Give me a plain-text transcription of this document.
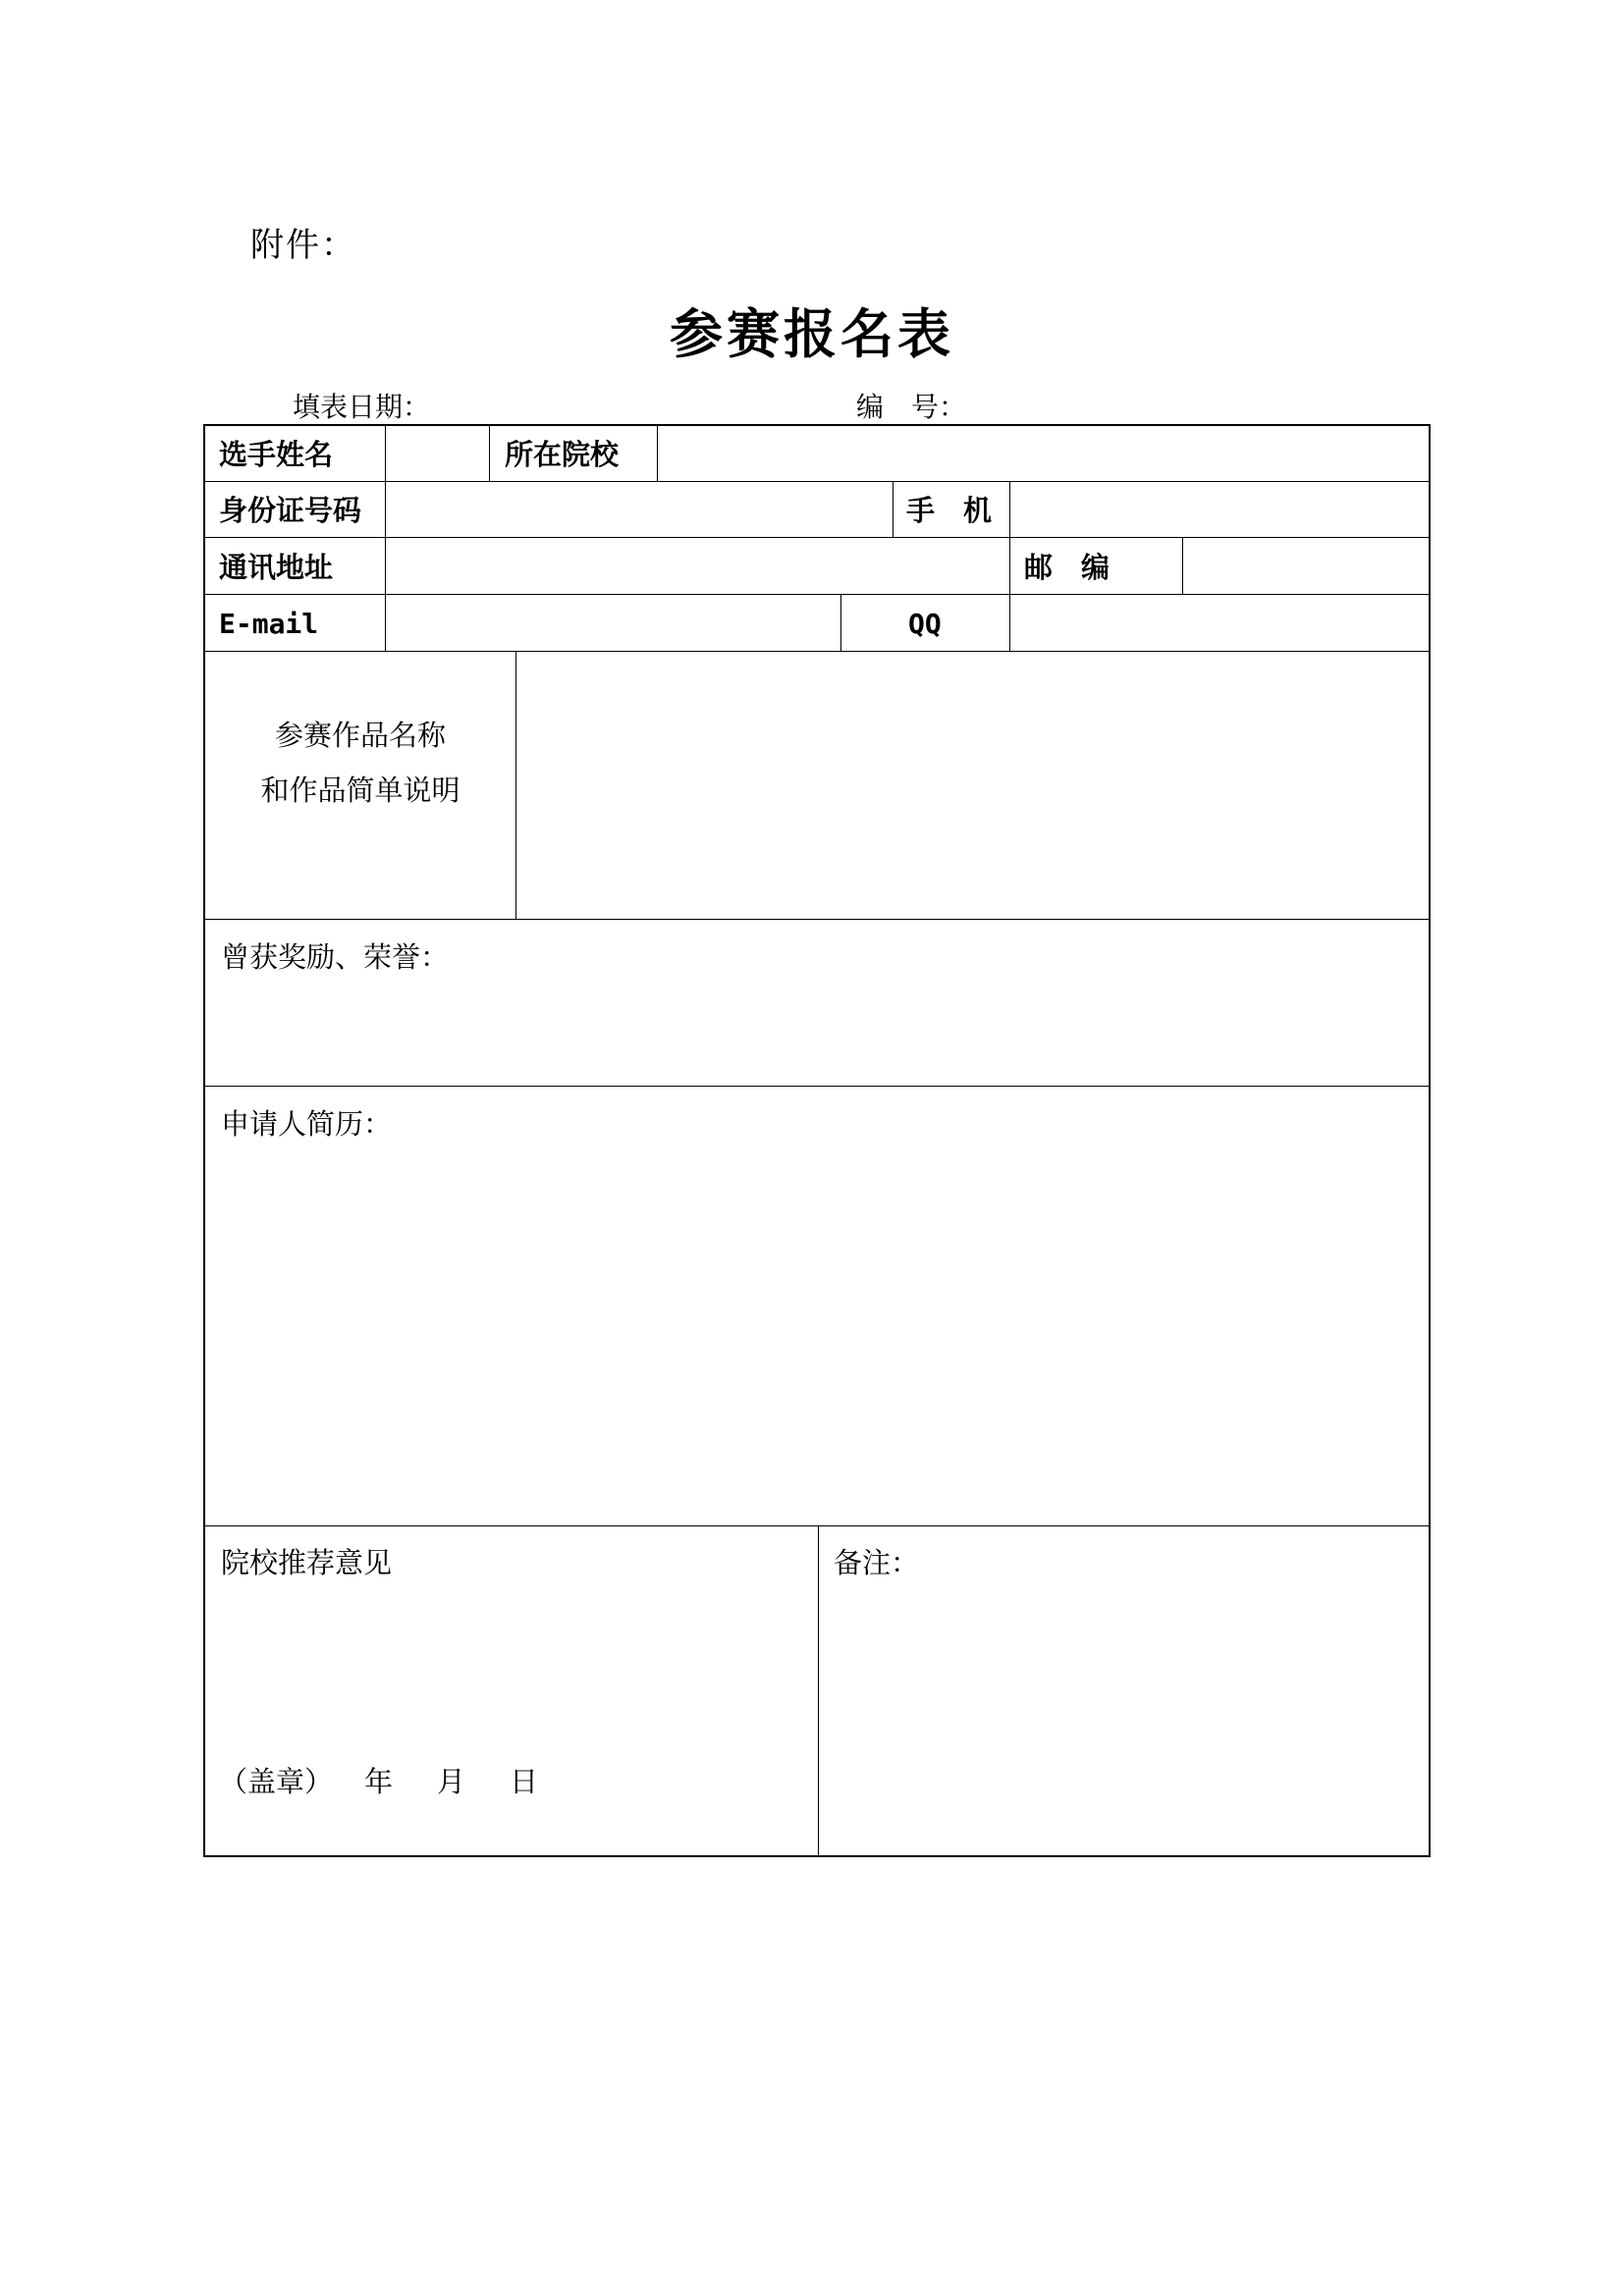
附件：
参赛报名表
填表日期：	编　号：
选手姓名	所在院校
身份证号码	手　机
通讯地址	邮　编
E-mail	QQ
参赛作品名称
和作品简单说明
曾获奖励、荣誉：
申请人简历：
院校推荐意见
（盖章） 年 月 日
备注：
